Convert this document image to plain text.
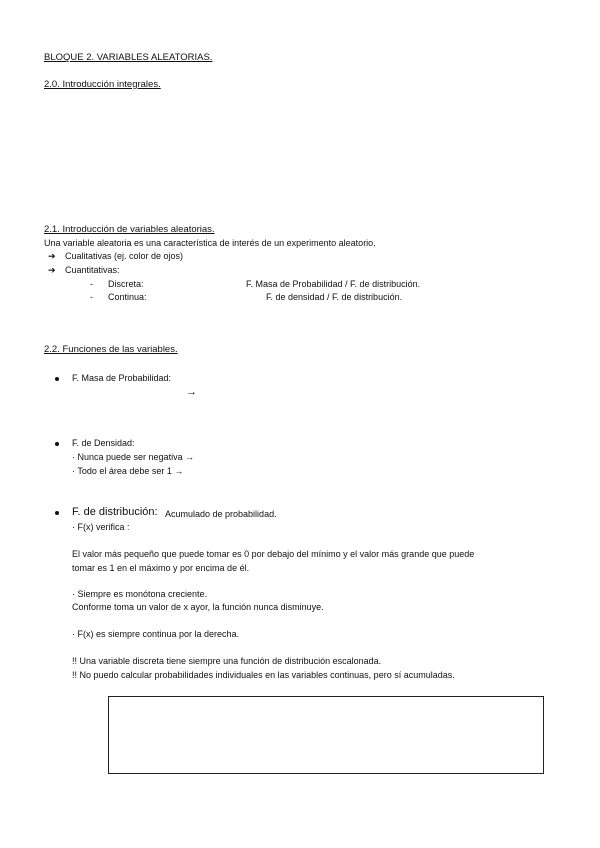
BLOQUE 2. VARIABLES ALEATORIAS.
2.0. Introducción integrales.
2.1. Introducción de variables aleatorias.
Una variable aleatoria es una característica de interés de un experimento aleatorio.
➔ Cualitativas (ej. color de ojos)
➔ Cuantitativas:
- Discreta:	F. Masa de Probabilidad / F. de distribución.
- Continua:	F. de densidad / F. de distribución.
2.2. Funciones de las variables.
F. Masa de Probabilidad:
→
F. de Densidad:
· Nunca puede ser negativa →
· Todo el área debe ser 1 →
F. de distribución: Acumulado de probabilidad.
· F(x) verifica :
El valor más pequeño que puede tomar es 0 por debajo del mínimo y el valor más grande que puede
tomar es 1 en el máximo y por encima de él.
· Siempre es monótona creciente.
Conforme toma un valor de x ayor, la función nunca disminuye.
· F(x) es siempre continua por la derecha.
!! Una variable discreta tiene siempre una función de distribución escalonada.
!! No puedo calcular probabilidades individuales en las variables continuas, pero sí acumuladas.
